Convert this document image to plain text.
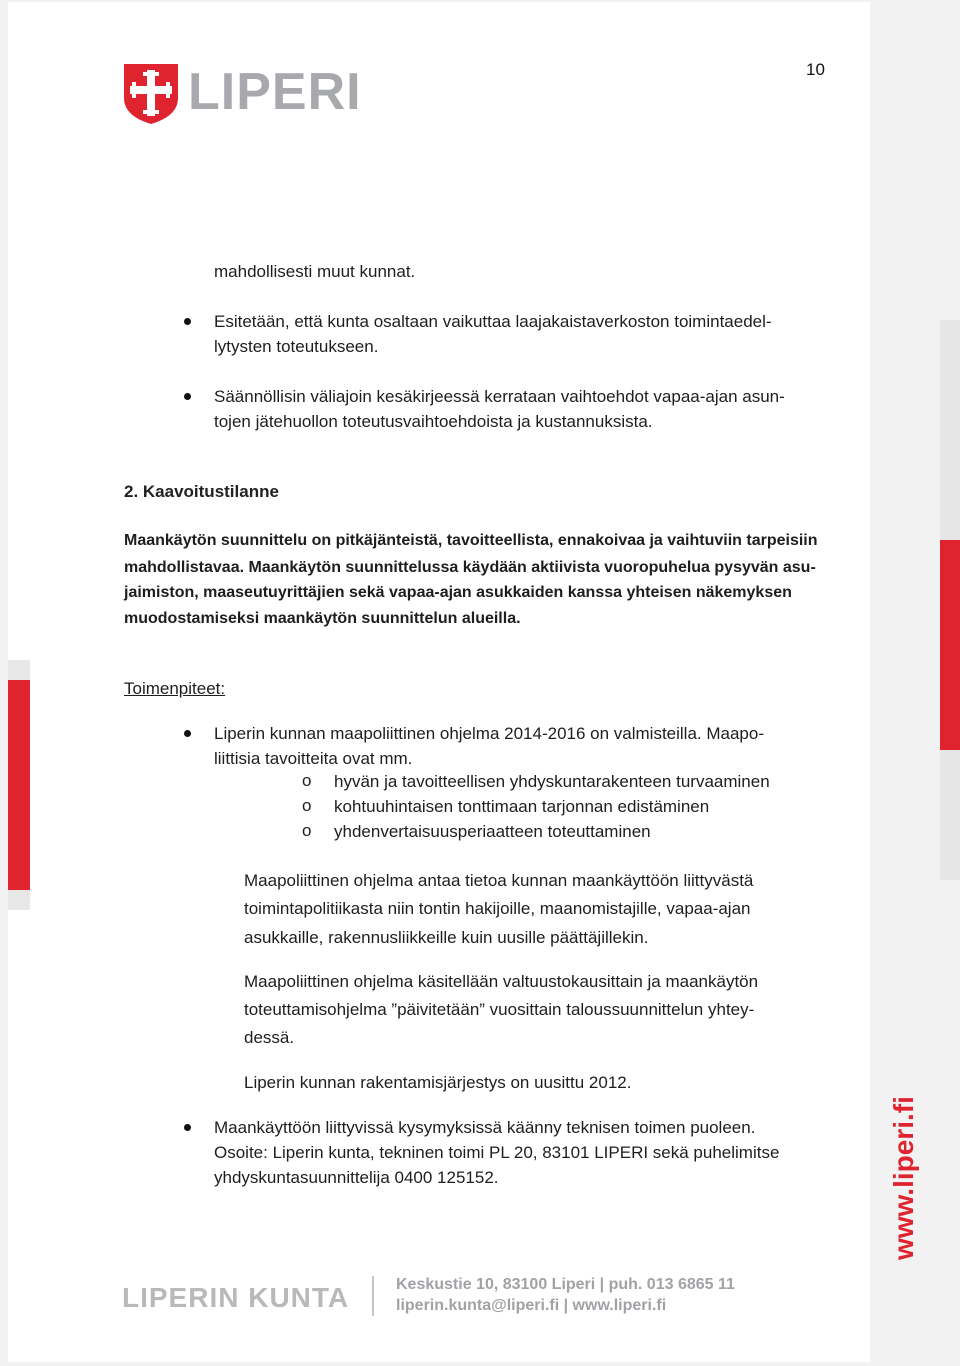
10
LIPERI
mahdollisesti muut kunnat.
Esitetään, että kunta osaltaan vaikuttaa laajakaistaverkoston toimintaedel-
lytysten toteutukseen.
Säännöllisin väliajoin kesäkirjeessä kerrataan vaihtoehdot vapaa-ajan asun-
tojen jätehuollon toteutusvaihtoehdoista ja kustannuksista.
2. Kaavoitustilanne
Maankäytön suunnittelu on pitkäjänteistä, tavoitteellista, ennakoivaa ja vaihtuviin tarpeisiin
mahdollistavaa. Maankäytön suunnittelussa käydään aktiivista vuoropuhelua pysyvän asu-
jaimiston, maaseutuyrittäjien sekä vapaa-ajan asukkaiden kanssa yhteisen näkemyksen
muodostamiseksi maankäytön suunnittelun alueilla.
Toimenpiteet:
Liperin kunnan maapoliittinen ohjelma 2014-2016 on valmisteilla. Maapo-
liittisia tavoitteita ovat mm.
o hyvän ja tavoitteellisen yhdyskuntarakenteen turvaaminen
o kohtuuhintaisen tonttimaan tarjonnan edistäminen
o yhdenvertaisuusperiaatteen toteuttaminen
Maapoliittinen ohjelma antaa tietoa kunnan maankäyttöön liittyvästä
toimintapolitiikasta niin tontin hakijoille, maanomistajille, vapaa-ajan
asukkaille, rakennusliikkeille kuin uusille päättäjillekin.
Maapoliittinen ohjelma käsitellään valtuustokausittain ja maankäytön
toteuttamisohjelma ”päivitetään” vuosittain taloussuunnittelun yhtey-
dessä.
Liperin kunnan rakentamisjärjestys on uusittu 2012.
Maankäyttöön liittyvissä kysymyksissä käänny teknisen toimen puoleen.
Osoite: Liperin kunta, tekninen toimi PL 20, 83101 LIPERI sekä puhelimitse
yhdyskuntasuunnittelija 0400 125152.
LIPERIN KUNTA	Keskustie 10, 83100 Liperi | puh. 013 6865 11
liperin.kunta@liperi.fi | www.liperi.fi
www.liperi.fi
